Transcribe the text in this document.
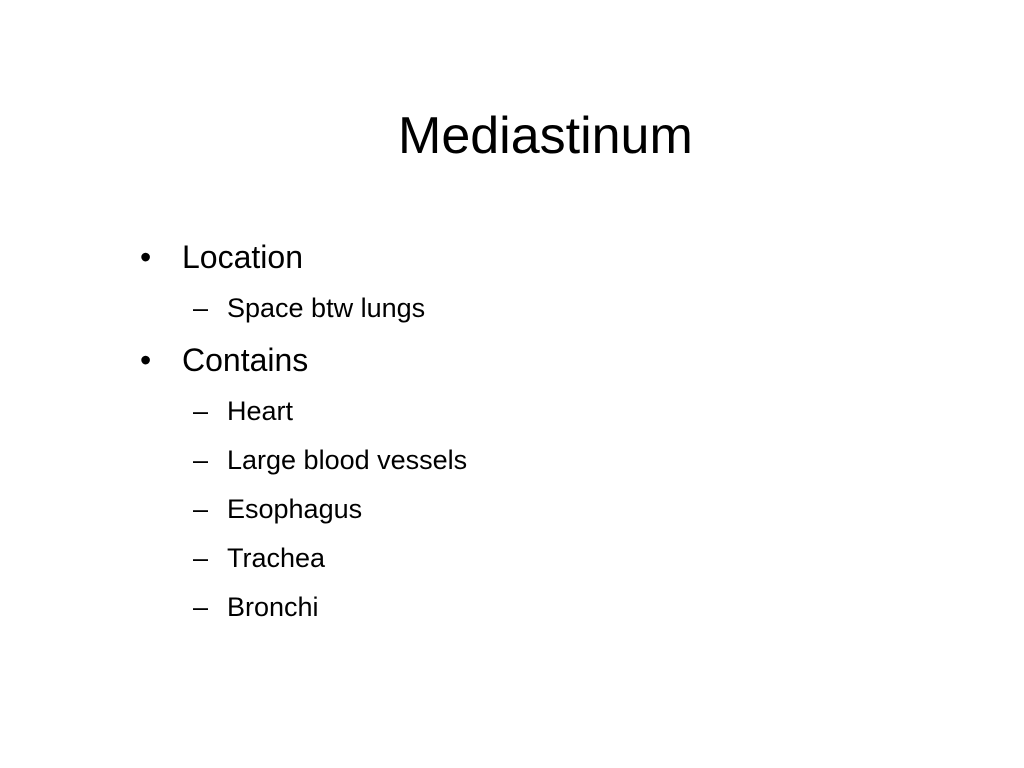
Mediastinum
• Location
– Space btw lungs
• Contains
– Heart
– Large blood vessels
– Esophagus
– Trachea
– Bronchi
